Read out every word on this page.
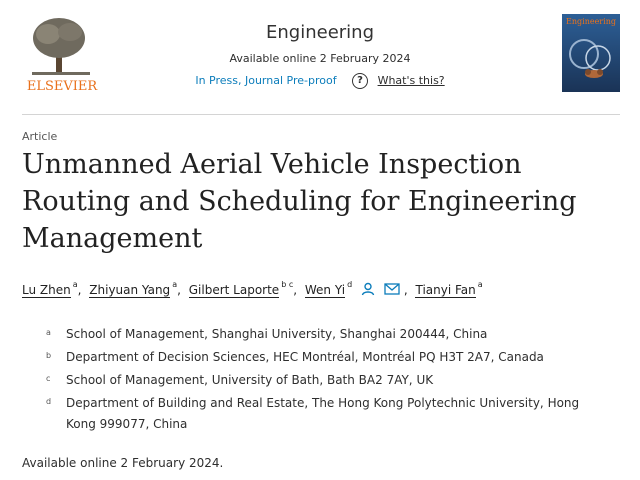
ELSEVIER
Engineering
Available online 2 February 2024
In Press, Journal Pre-proof ? What's this?
Engineering
Article
Unmanned Aerial Vehicle Inspection Routing and Scheduling for Engineering Management
Lu Zhen $^a$, Zhiyuan Yang $^a$, Gilbert Laporte $^{b c}$, Wen Yi $^d$	, Tianyi Fan $^a$
a School of Management, Shanghai University, Shanghai 200444, China
b Department of Decision Sciences, HEC Montréal, Montréal PQ H3T 2A7, Canada
c School of Management, University of Bath, Bath BA2 7AY, UK
d Department of Building and Real Estate, The Hong Kong Polytechnic University, Hong Kong 999077, China
Available online 2 February 2024.
